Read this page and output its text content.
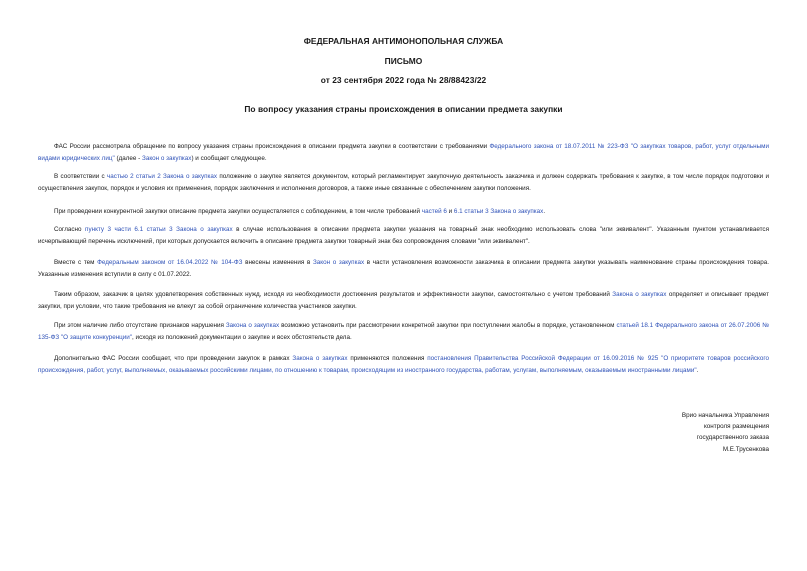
ФЕДЕРАЛЬНАЯ АНТИМОНОПОЛЬНАЯ СЛУЖБА
ПИСЬМО
от 23 сентября 2022 года № 28/88423/22
По вопросу указания страны происхождения в описании предмета закупки

ФАС России рассмотрела обращение по вопросу указания страны происхождения в описании предмета закупки в соответствии с требованиями Федерального закона от 18.07.2011 № 223-ФЗ "О закупках товаров, работ, услуг отдельными видами юридических лиц" (далее - Закон о закупках) и сообщает следующее.

В соответствии с частью 2 статьи 2 Закона о закупках положение о закупке является документом, который регламентирует закупочную деятельность заказчика и должен содержать требования к закупке, в том числе порядок подготовки и осуществления закупок, порядок и условия их применения, порядок заключения и исполнения договоров, а также иные связанные с обеспечением закупки положения.

При проведении конкурентной закупки описание предмета закупки осуществляется с соблюдением, в том числе требований частей 6 и 6.1 статьи 3 Закона о закупках.

Согласно пункту 3 части 6.1 статьи 3 Закона о закупках в случае использования в описании предмета закупки указания на товарный знак необходимо использовать слова "или эквивалент". Указанным пунктом устанавливается исчерпывающий перечень исключений, при которых допускается включить в описание предмета закупки товарный знак без сопровождения словами "или эквивалент".

Вместе с тем Федеральным законом от 16.04.2022 № 104-ФЗ внесены изменения в Закон о закупках в части установления возможности заказчика в описании предмета закупки указывать наименование страны происхождения товара. Указанные изменения вступили в силу с 01.07.2022.

Таким образом, заказчик в целях удовлетворения собственных нужд, исходя из необходимости достижения результатов и эффективности закупки, самостоятельно с учетом требований Закона о закупках определяет и описывает предмет закупки, при условии, что такие требования не влекут за собой ограничение количества участников закупки.

При этом наличие либо отсутствие признаков нарушения Закона о закупках возможно установить при рассмотрении конкретной закупки при поступлении жалобы в порядке, установленном статьей 18.1 Федерального закона от 26.07.2006 № 135-ФЗ "О защите конкуренции", исходя из положений документации о закупке и всех обстоятельств дела.

Дополнительно ФАС России сообщает, что при проведении закупок в рамках Закона о закупках применяются положения постановления Правительства Российской Федерации от 16.09.2016 № 925 "О приоритете товаров российского происхождения, работ, услуг, выполняемых, оказываемых российскими лицами, по отношению к товарам, происходящим из иностранного государства, работам, услугам, выполняемым, оказываемым иностранными лицами".

Врио начальника Управления
контроля размещения
государственного заказа
М.Е.Трусенкова
